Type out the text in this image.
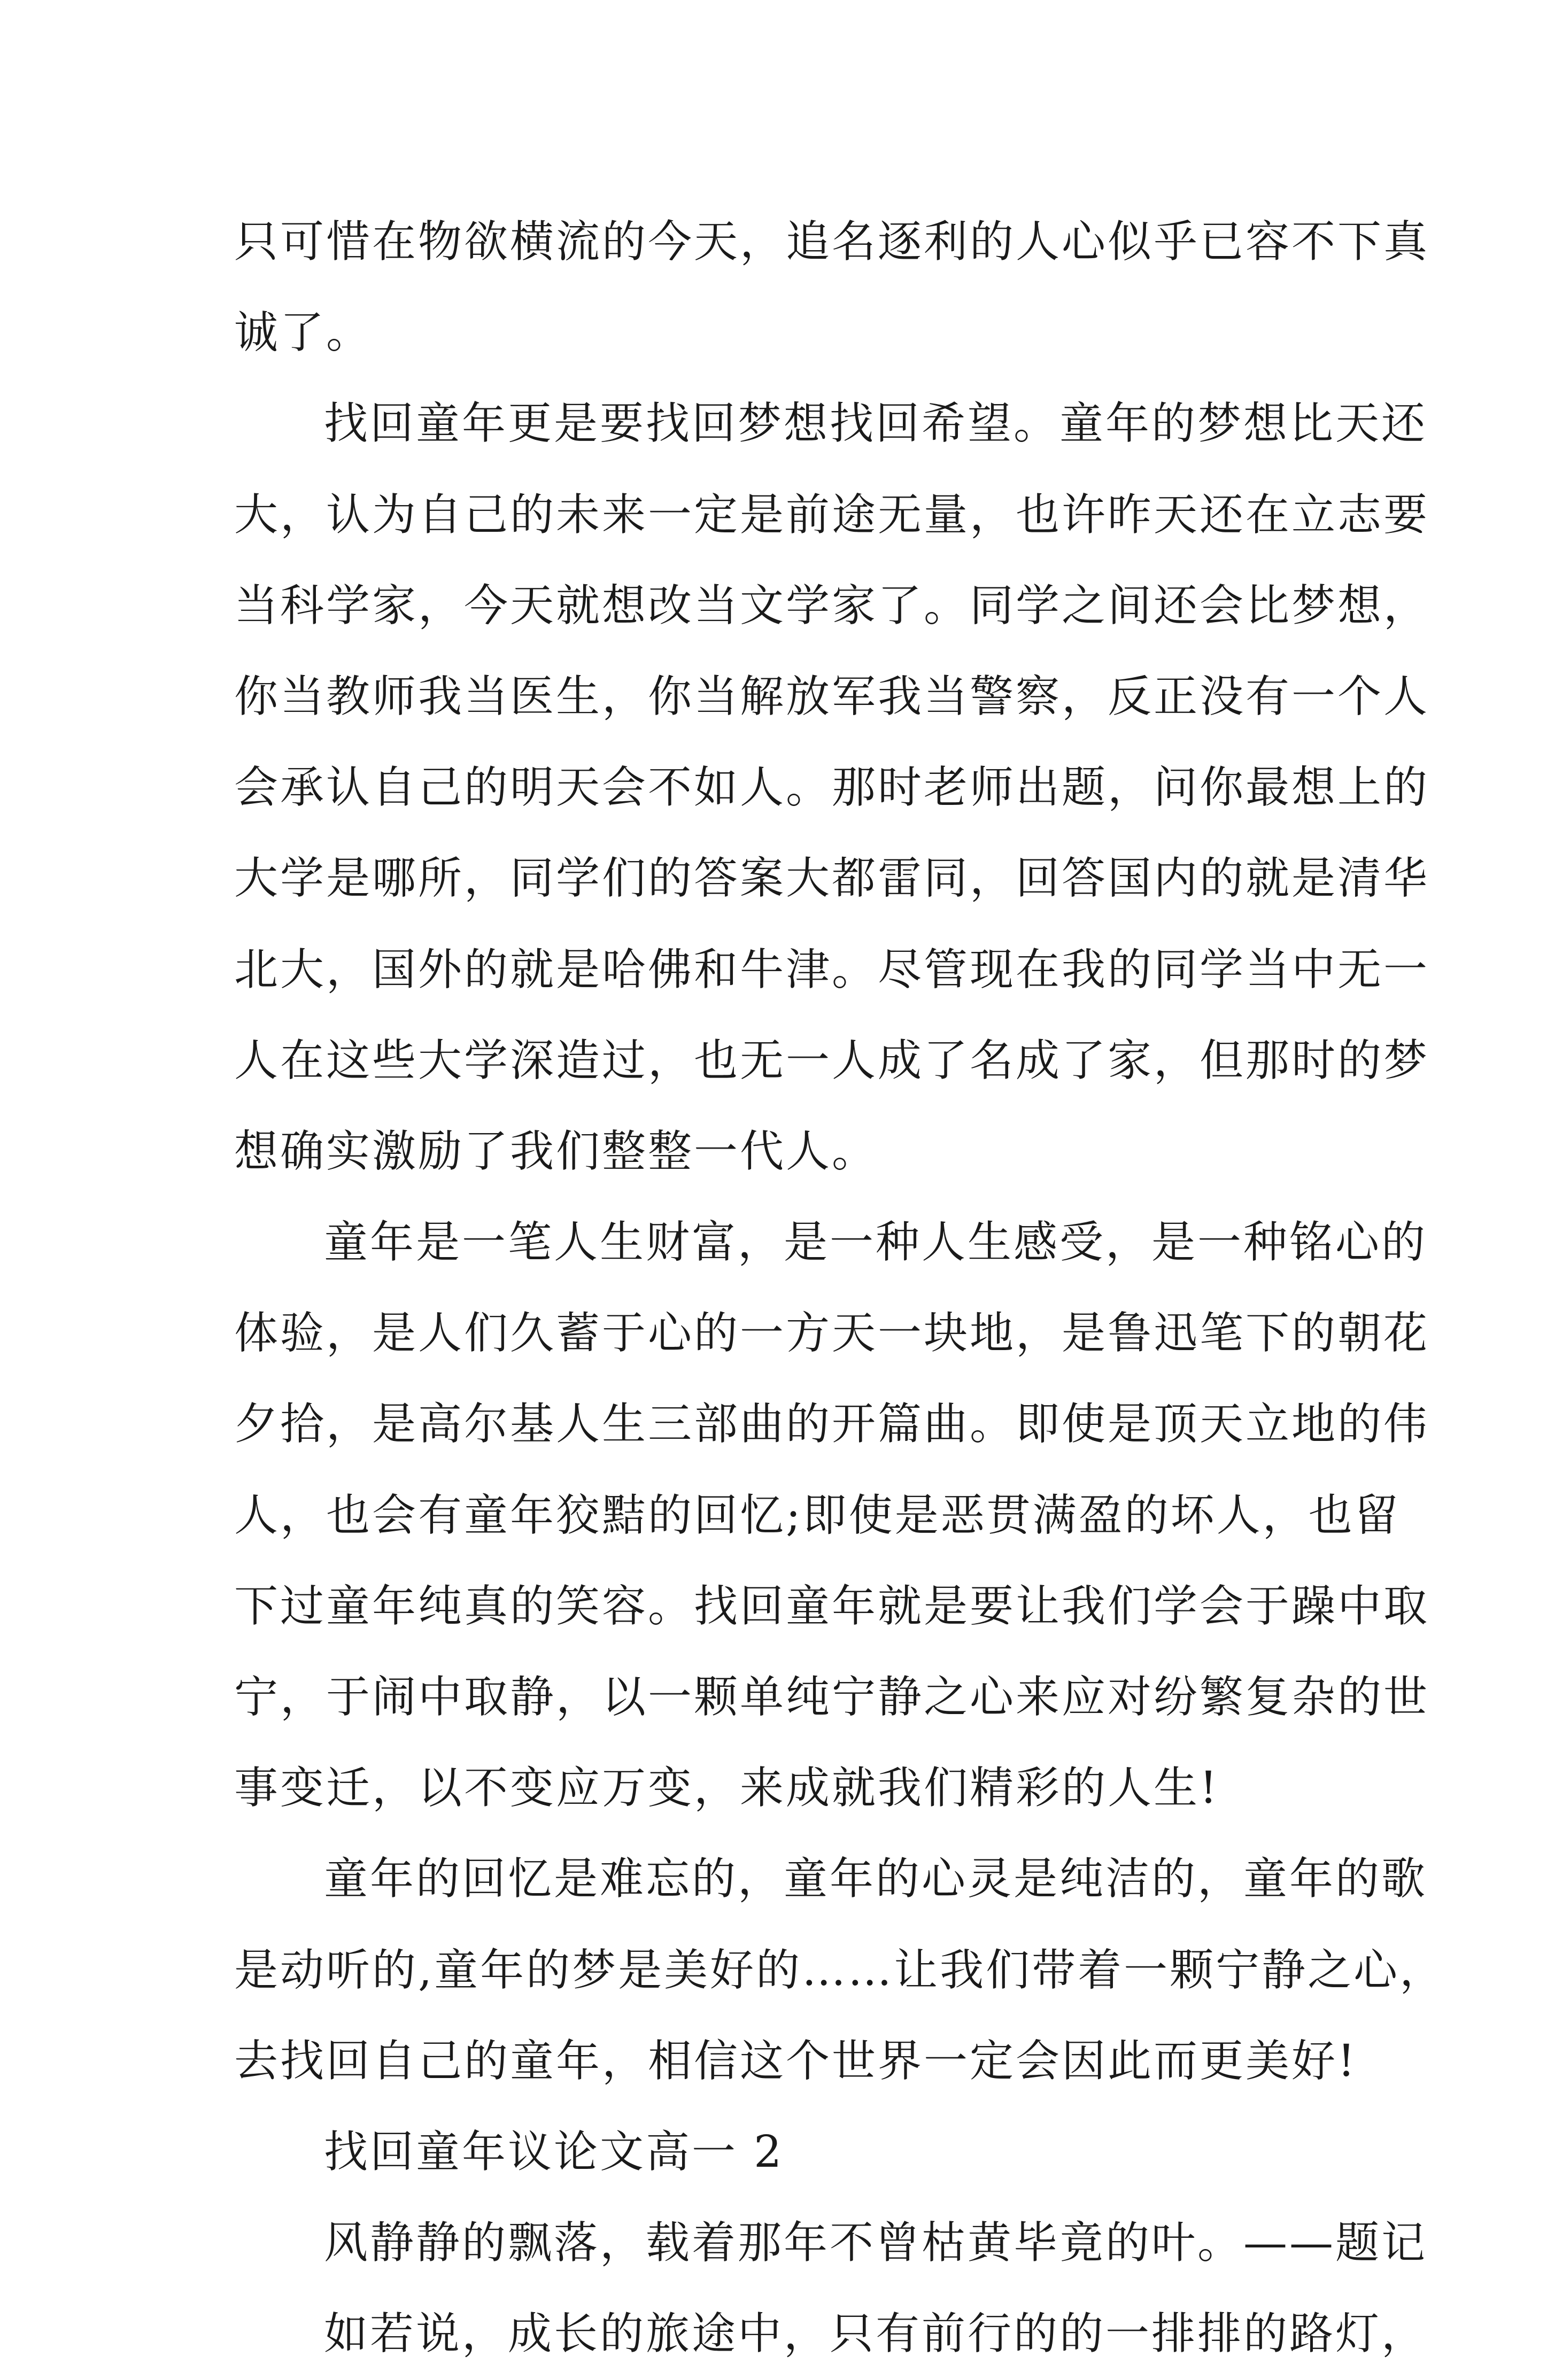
只可惜在物欲横流的今天，追名逐利的人心似乎已容不下真
诚了。
找回童年更是要找回梦想找回希望。童年的梦想比天还
大，认为自己的未来一定是前途无量，也许昨天还在立志要
当科学家，今天就想改当文学家了。同学之间还会比梦想，
你当教师我当医生，你当解放军我当警察，反正没有一个人
会承认自己的明天会不如人。那时老师出题，问你最想上的
大学是哪所，同学们的答案大都雷同，回答国内的就是清华
北大，国外的就是哈佛和牛津。尽管现在我的同学当中无一
人在这些大学深造过，也无一人成了名成了家，但那时的梦
想确实激励了我们整整一代人。
童年是一笔人生财富，是一种人生感受，是一种铭心的
体验，是人们久蓄于心的一方天一块地，是鲁迅笔下的朝花
夕拾，是高尔基人生三部曲的开篇曲。即使是顶天立地的伟
人，也会有童年狡黠的回忆;即使是恶贯满盈的坏人，也留
下过童年纯真的笑容。找回童年就是要让我们学会于躁中取
宁，于闹中取静，以一颗单纯宁静之心来应对纷繁复杂的世
事变迁，以不变应万变，来成就我们精彩的人生!
童年的回忆是难忘的，童年的心灵是纯洁的，童年的歌
是动听的,童年的梦是美好的……让我们带着一颗宁静之心，
去找回自己的童年，相信这个世界一定会因此而更美好!
找回童年议论文高一 2
风静静的飘落，载着那年不曾枯黄毕竟的叶。——题记
如若说，成长的旅途中，只有前行的的一排排的路灯，
